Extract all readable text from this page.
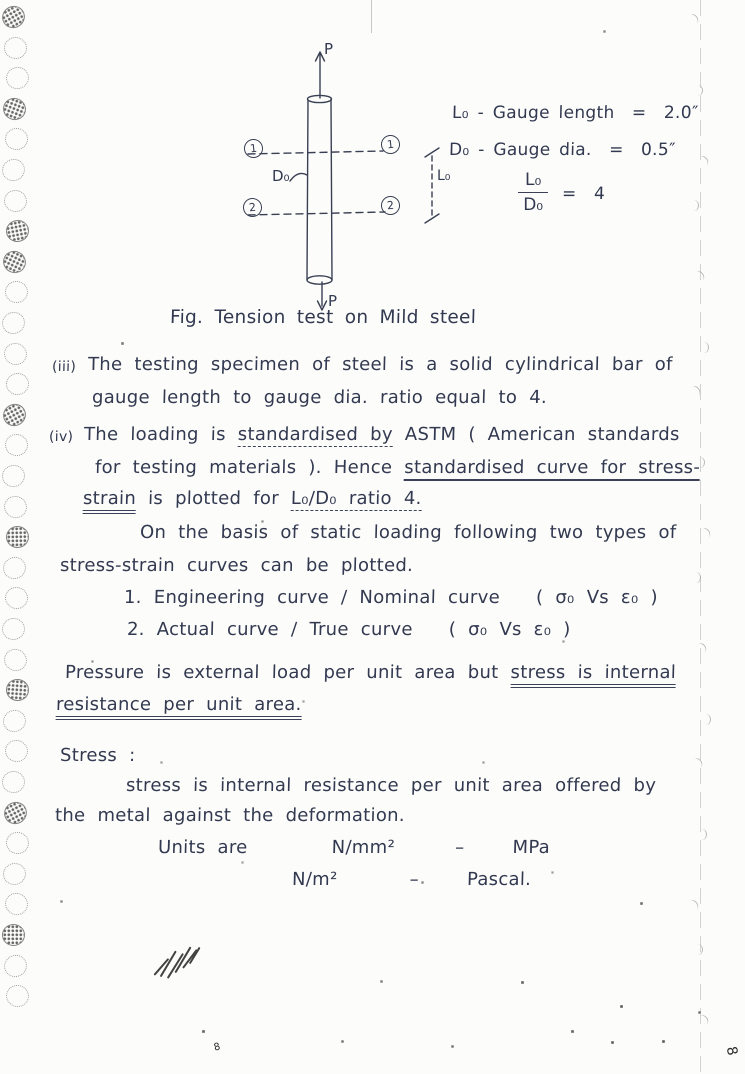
P
P
D₀	L₀
1	1
2	2
L₀ - Gauge length  =  2.0″
D₀ - Gauge dia.  =  0.5″
$\frac{\text{L₀}}{\text{D₀}} = 4$
Fig. Tension test on Mild steel
(iii) The testing specimen of steel is a solid cylindrical bar of
gauge length to gauge dia. ratio equal to 4.
(iv) The loading is standardised by ASTM ( American standards
for testing materials ). Hence standardised curve for stress-
strain is plotted for L₀/D₀ ratio 4.
On the basis of static loading following two types of
stress-strain curves can be plotted.
1. Engineering curve / Nominal curve   ( σ₀ Vs ε₀ )
2. Actual curve / True curve   ( σ₀ Vs ε₀ )
Pressure is external load per unit area but stress is internal
resistance per unit area.
Stress :
stress is internal resistance per unit area offered by
the metal against the deformation.
Units are       N/mm²     –    MPa
N/m²      –    Pascal.
8	8
